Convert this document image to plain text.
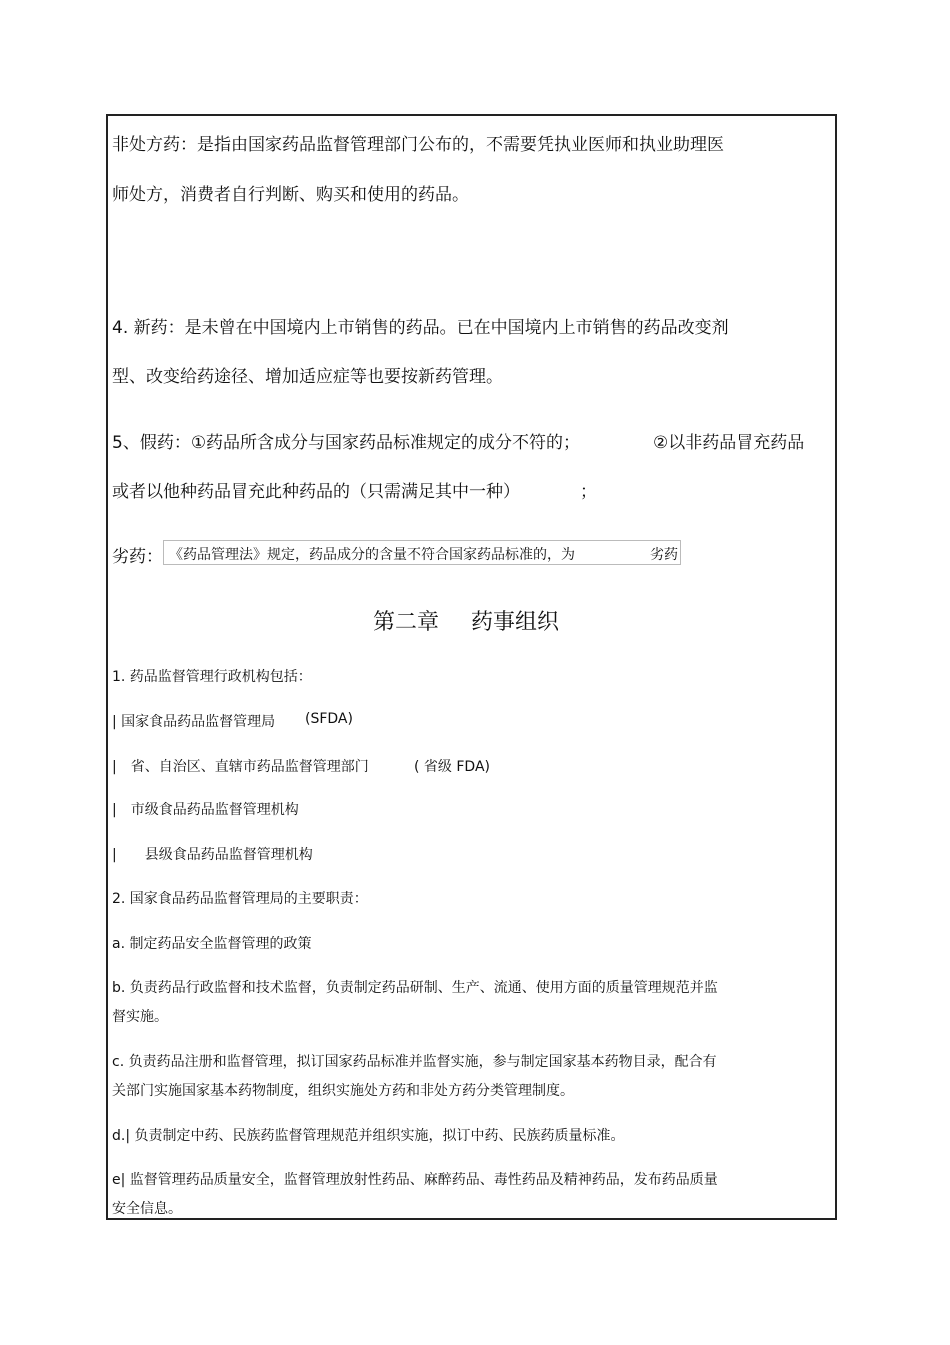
非处方药：是指由国家药品监督管理部门公布的，不需要凭执业医师和执业助理医
师处方，消费者自行判断、购买和使用的药品。
4. 新药：是未曾在中国境内上市销售的药品。已在中国境内上市销售的药品改变剂
型、改变给药途径、增加适应症等也要按新药管理。
5、假药：①药品所含成分与国家药品标准规定的成分不符的；	②以非药品冒充药品
或者以他种药品冒充此种药品的（只需满足其中一种）	；
劣药： 《药品管理法》规定，药品成分的含量不符合国家药品标准的，为	劣药
第二章 药事组织
1. 药品监督管理行政机构包括：
| 国家食品药品监督管理局 (SFDA)
|　省、自治区、直辖市药品监督管理部门	( 省级 FDA)
|　市级食品药品监督管理机构
|　　县级食品药品监督管理机构
2. 国家食品药品监督管理局的主要职责：
a. 制定药品安全监督管理的政策
b. 负责药品行政监督和技术监督，负责制定药品研制、生产、流通、使用方面的质量管理规范并监
督实施。
c. 负责药品注册和监督管理，拟订国家药品标准并监督实施，参与制定国家基本药物目录，配合有
关部门实施国家基本药物制度，组织实施处方药和非处方药分类管理制度。
d.| 负责制定中药、民族药监督管理规范并组织实施，拟订中药、民族药质量标准。
e| 监督管理药品质量安全，监督管理放射性药品、麻醉药品、毒性药品及精神药品，发布药品质量
安全信息。
